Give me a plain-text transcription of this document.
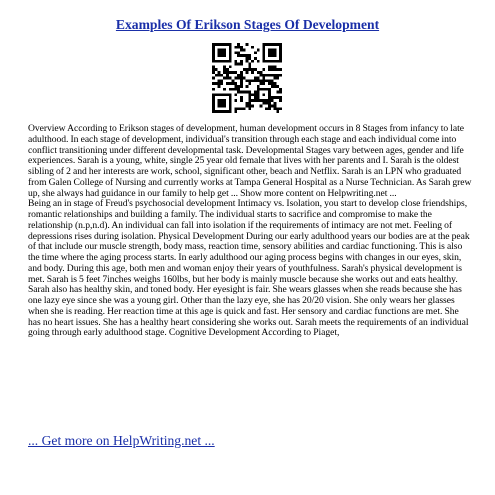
Examples Of Erikson Stages Of Development

Overview According to Erikson stages of development, human development occurs in 8 Stages from infancy to late adulthood. In each stage of development, individual's transition through each stage and each individual come into conflict transitioning under different developmental task. Developmental Stages vary between ages, gender and life experiences. Sarah is a young, white, single 25 year old female that lives with her parents and I. Sarah is the oldest sibling of 2 and her interests are work, school, significant other, beach and Netflix. Sarah is an LPN who graduated from Galen College of Nursing and currently works at Tampa General Hospital as a Nurse Technician. As Sarah grew up, she always had guidance in our family to help get ... Show more content on Helpwriting.net ...

Being an in stage of Freud's psychosocial development Intimacy vs. Isolation, you start to develop close friendships, romantic relationships and building a family. The individual starts to sacrifice and compromise to make the relationship (n.p,n.d). An individual can fall into isolation if the requirements of intimacy are not met. Feeling of depressions rises during isolation. Physical Development During our early adulthood years our bodies are at the peak of that include our muscle strength, body mass, reaction time, sensory abilities and cardiac functioning. This is also the time where the aging process starts. In early adulthood our aging process begins with changes in our eyes, skin, and body. During this age, both men and woman enjoy their years of youthfulness. Sarah's physical development is met. Sarah is 5 feet 7inches weighs 160lbs, but her body is mainly muscle because she works out and eats healthy. Sarah also has healthy skin, and toned body. Her eyesight is fair. She wears glasses when she reads because she has one lazy eye since she was a young girl. Other than the lazy eye, she has 20/20 vision. She only wears her glasses when she is reading. Her reaction time at this age is quick and fast. Her sensory and cardiac functions are met. She has no heart issues. She has a healthy heart considering she works out. Sarah meets the requirements of an individual going through early adulthood stage. Cognitive Development According to Piaget,

... Get more on HelpWriting.net ...
